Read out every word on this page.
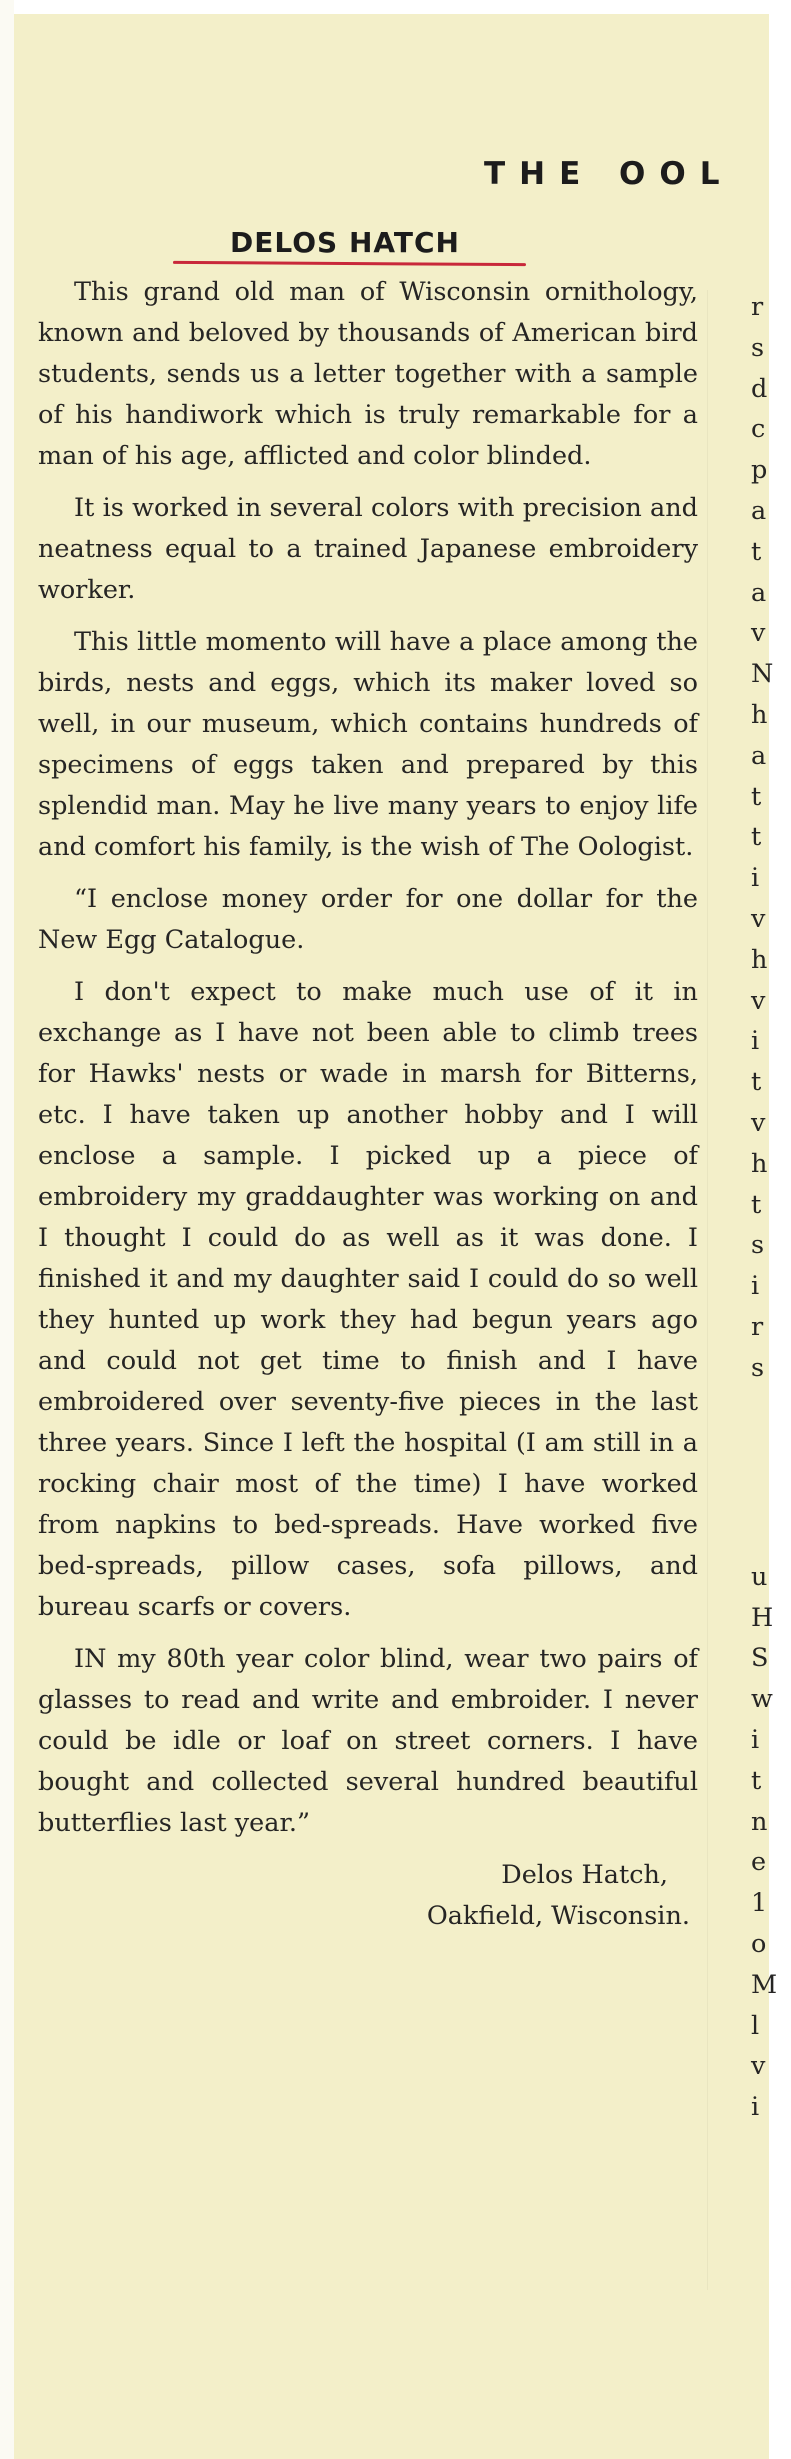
THE OOL
DELOS HATCH

This grand old man of Wisconsin ornithology, known and beloved by thousands of American bird students, sends us a letter together with a sample of his handiwork which is truly remarkable for a man of his age, afflicted and color blinded.

It is worked in several colors with precision and neatness equal to a trained Japanese embroidery worker.

This little momento will have a place among the birds, nests and eggs, which its maker loved so well, in our museum, which contains hundreds of specimens of eggs taken and prepared by this splendid man. May he live many years to enjoy life and comfort his family, is the wish of The Oologist.

“I enclose money order for one dollar for the New Egg Catalogue.

I don't expect to make much use of it in exchange as I have not been able to climb trees for Hawks' nests or wade in marsh for Bitterns, etc. I have taken up another hobby and I will enclose a sample. I picked up a piece of embroidery my graddaughter was working on and I thought I could do as well as it was done. I finished it and my daughter said I could do so well they hunted up work they had begun years ago and could not get time to finish and I have embroidered over seventy-five pieces in the last three years. Since I left the hospital (I am still in a rocking chair most of the time) I have worked from napkins to bed-spreads. Have worked five bed-spreads, pillow cases, sofa pillows, and bureau scarfs or covers.

IN my 80th year color blind, wear two pairs of glasses to read and write and embroider. I never could be idle or loaf on street corners. I have bought and collected several hundred beautiful butterflies last year.”

Delos Hatch,

Oakfield, Wisconsin.

r
s
d
c
p
a
t
a
v
N
h
a
t
t
i
v
h
v
i
t
v
h
t
s
i
r
s
u
H
S
w
i
t
n
e
1
o
M
l
v
i
